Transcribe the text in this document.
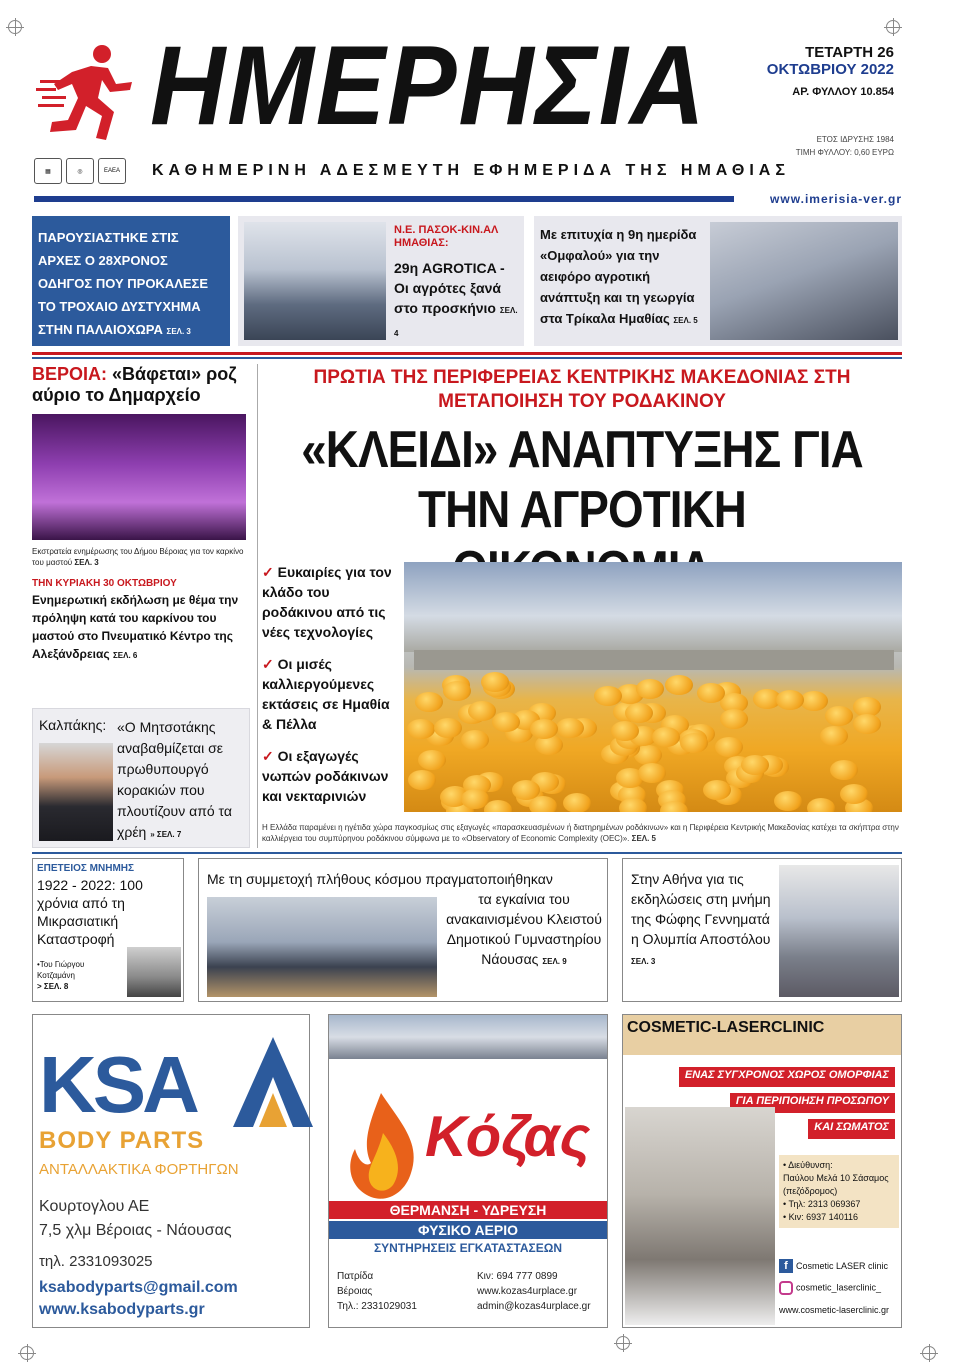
ΗΜΕΡΗΣΙΑ
▦	◎	ΕΑΕΑ	ΚΑΘΗΜΕΡΙΝΗ ΑΔΕΣΜΕΥΤΗ ΕΦΗΜΕΡΙΔΑ ΤΗΣ ΗΜΑΘΙΑΣ
ΤΕΤΑΡΤΗ 26
ΟΚΤΩΒΡΙΟΥ 2022
ΑΡ. ΦΥΛΛΟΥ 10.854
ΕΤΟΣ ΙΔΡΥΣΗΣ 1984
ΤΙΜΗ ΦΥΛΛΟΥ: 0,60 ΕΥΡΩ
www.imerisia-ver.gr
ΠΑΡΟΥΣΙΑΣΤΗΚΕ ΣΤΙΣ ΑΡΧΕΣ Ο 28ΧΡΟΝΟΣ ΟΔΗΓΟΣ ΠΟΥ ΠΡΟΚΑΛΕΣΕ ΤΟ ΤΡΟΧΑΙΟ ΔΥΣΤΥΧΗΜΑ ΣΤΗΝ ΠΑΛΑΙΟΧΩΡΑ ΣΕΛ. 3
Ν.Ε. ΠΑΣΟΚ-ΚΙΝ.ΑΛ ΗΜΑΘΙΑΣ:
29η AGROTICA - Οι αγρότες ξανά στο προσκήνιο ΣΕΛ. 4
Με επιτυχία η 9η ημερίδα «Ομφαλού» για την αειφόρο αγροτική ανάπτυξη και τη γεωργία στα Τρίκαλα Ημαθίας ΣΕΛ. 5
ΒΕΡΟΙΑ: «Βάφεται» ροζ αύριο το Δημαρχείο
Εκστρατεία ενημέρωσης του Δήμου Βέροιας για τον καρκίνο του μαστού ΣΕΛ. 3
ΤΗΝ ΚΥΡΙΑΚΗ 30 ΟΚΤΩΒΡΙΟΥ
Ενημερωτική εκδήλωση με θέμα την πρόληψη κατά του καρκίνου του μαστού στο Πνευματικό Κέντρο της Αλεξάνδρειας ΣΕΛ. 6
Καλπάκης: «Ο Μητσοτάκης αναβαθμίζεται σε πρωθυπουργό κορακιών που πλουτίζουν από τα χρέη » ΣΕΛ. 7
ΠΡΩΤΙΑ ΤΗΣ ΠΕΡΙΦΕΡΕΙΑΣ ΚΕΝΤΡΙΚΗΣ ΜΑΚΕΔΟΝΙΑΣ ΣΤΗ ΜΕΤΑΠΟΙΗΣΗ ΤΟΥ ΡΟΔΑΚΙΝΟΥ
«ΚΛΕΙΔΙ» ΑΝΑΠΤΥΞΗΣ ΓΙΑ ΤΗΝ ΑΓΡΟΤΙΚΗ
✓ Ευκαιρίες για τον κλάδο του ροδάκινου από τις νέες τεχνολογίες
✓ Οι μισές καλλιεργούμενες εκτάσεις σε Ημαθία & Πέλλα
✓ Οι εξαγωγές νωπών ροδάκινων και νεκταρινιών
Η Ελλάδα παραμένει η ηγέτιδα χώρα παγκοσμίως στις εξαγωγές «παρασκευασμένων ή διατηρημένων ροδάκινων» και η Περιφέρεια Κεντρικής Μακεδονίας κατέχει τα σκήπτρα στην καλλιέργεια του συμπύρηνου ροδάκινου σύμφωνα με το «Observatory of Economic Complexity (OEC)». ΣΕΛ. 5
ΕΠΕΤΕΙΟΣ ΜΝΗΜΗΣ
1922 - 2022: 100 χρόνια από τη Μικρασιατική Καταστροφή
•Του Γιώργου Κοτζαμάνη
> ΣΕΛ. 8
Με τη συμμετοχή πλήθους κόσμου πραγματοποιήθηκαν
τα εγκαίνια του ανακαινισμένου Κλειστού Δημοτικού Γυμναστηρίου Νάουσας ΣΕΛ. 9
Στην Αθήνα για τις εκδηλώσεις στη μνήμη της Φώφης Γεννηματά η Ολυμπία Αποστόλου ΣΕΛ. 3
KSA
BODY PARTS
ΑΝΤΑΛΛΑΚΤΙΚΑ ΦΟΡΤΗΓΩΝ
Κουρτογλου ΑΕ
7,5 χλμ Βέροιας - Νάουσας
τηλ. 2331093025
ksabodyparts@gmail.com
www.ksabodyparts.gr
Κόζας
ΘΕΡΜΑΝΣΗ - ΥΔΡΕΥΣΗ
ΦΥΣΙΚΟ ΑΕΡΙΟ
ΣΥΝΤΗΡΗΣΕΙΣ ΕΓΚΑΤΑΣΤΑΣΕΩΝ
Πατρίδα
Βέροιας
Τηλ.: 2331029031
Κιν: 694 777 0899
www.kozas4urplace.gr
admin@kozas4urplace.gr
COSMETIC-LASERCLINIC
ΕΝΑΣ ΣΥΓΧΡΟΝΟΣ ΧΩΡΟΣ ΟΜΟΡΦΙΑΣ
ΓΙΑ ΠΕΡΙΠΟΙΗΣΗ ΠΡΟΣΩΠΟΥ
ΚΑΙ ΣΩΜΑΤΟΣ
• Διεύθυνση:
Παύλου Μελά 10 Σάσαμος (πεζόδρομος)
• Τηλ: 2313 069367
• Κιν: 6937 140116
f Cosmetic LASER clinic
cosmetic_laserclinic_
www.cosmetic-laserclinic.gr
